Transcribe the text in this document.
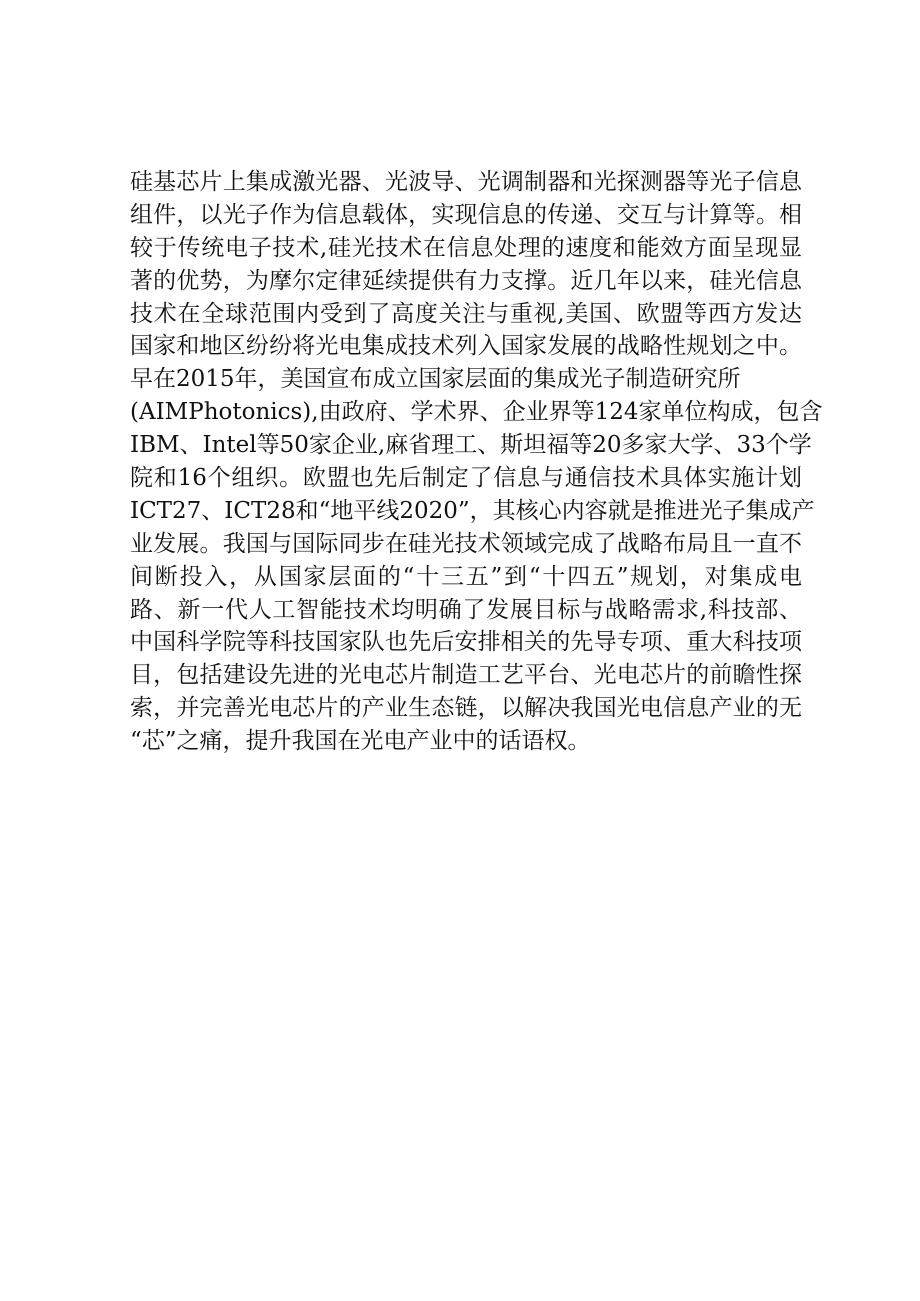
硅基芯片上集成激光器、光波导、光调制器和光探测器等光子信息
组件，以光子作为信息载体，实现信息的传递、交互与计算等。相
较于传统电子技术,硅光技术在信息处理的速度和能效方面呈现显
著的优势，为摩尔定律延续提供有力支撑。近几年以来，硅光信息
技术在全球范围内受到了高度关注与重视,美国、欧盟等西方发达
国家和地区纷纷将光电集成技术列入国家发展的战略性规划之中。
早在2015年，美国宣布成立国家层面的集成光子制造研究所
(AIMPhotonics),由政府、学术界、企业界等124家单位构成，包含
IBM、Intel等50家企业,麻省理工、斯坦福等20多家大学、33个学
院和16个组织。欧盟也先后制定了信息与通信技术具体实施计划
ICT27、ICT28和“地平线2020”，其核心内容就是推进光子集成产
业发展。我国与国际同步在硅光技术领域完成了战略布局且一直不
间断投入，从国家层面的“十三五”到“十四五”规划，对集成电
路、新一代人工智能技术均明确了发展目标与战略需求,科技部、
中国科学院等科技国家队也先后安排相关的先导专项、重大科技项
目，包括建设先进的光电芯片制造工艺平台、光电芯片的前瞻性探
索，并完善光电芯片的产业生态链，以解决我国光电信息产业的无
“芯”之痛，提升我国在光电产业中的话语权。
